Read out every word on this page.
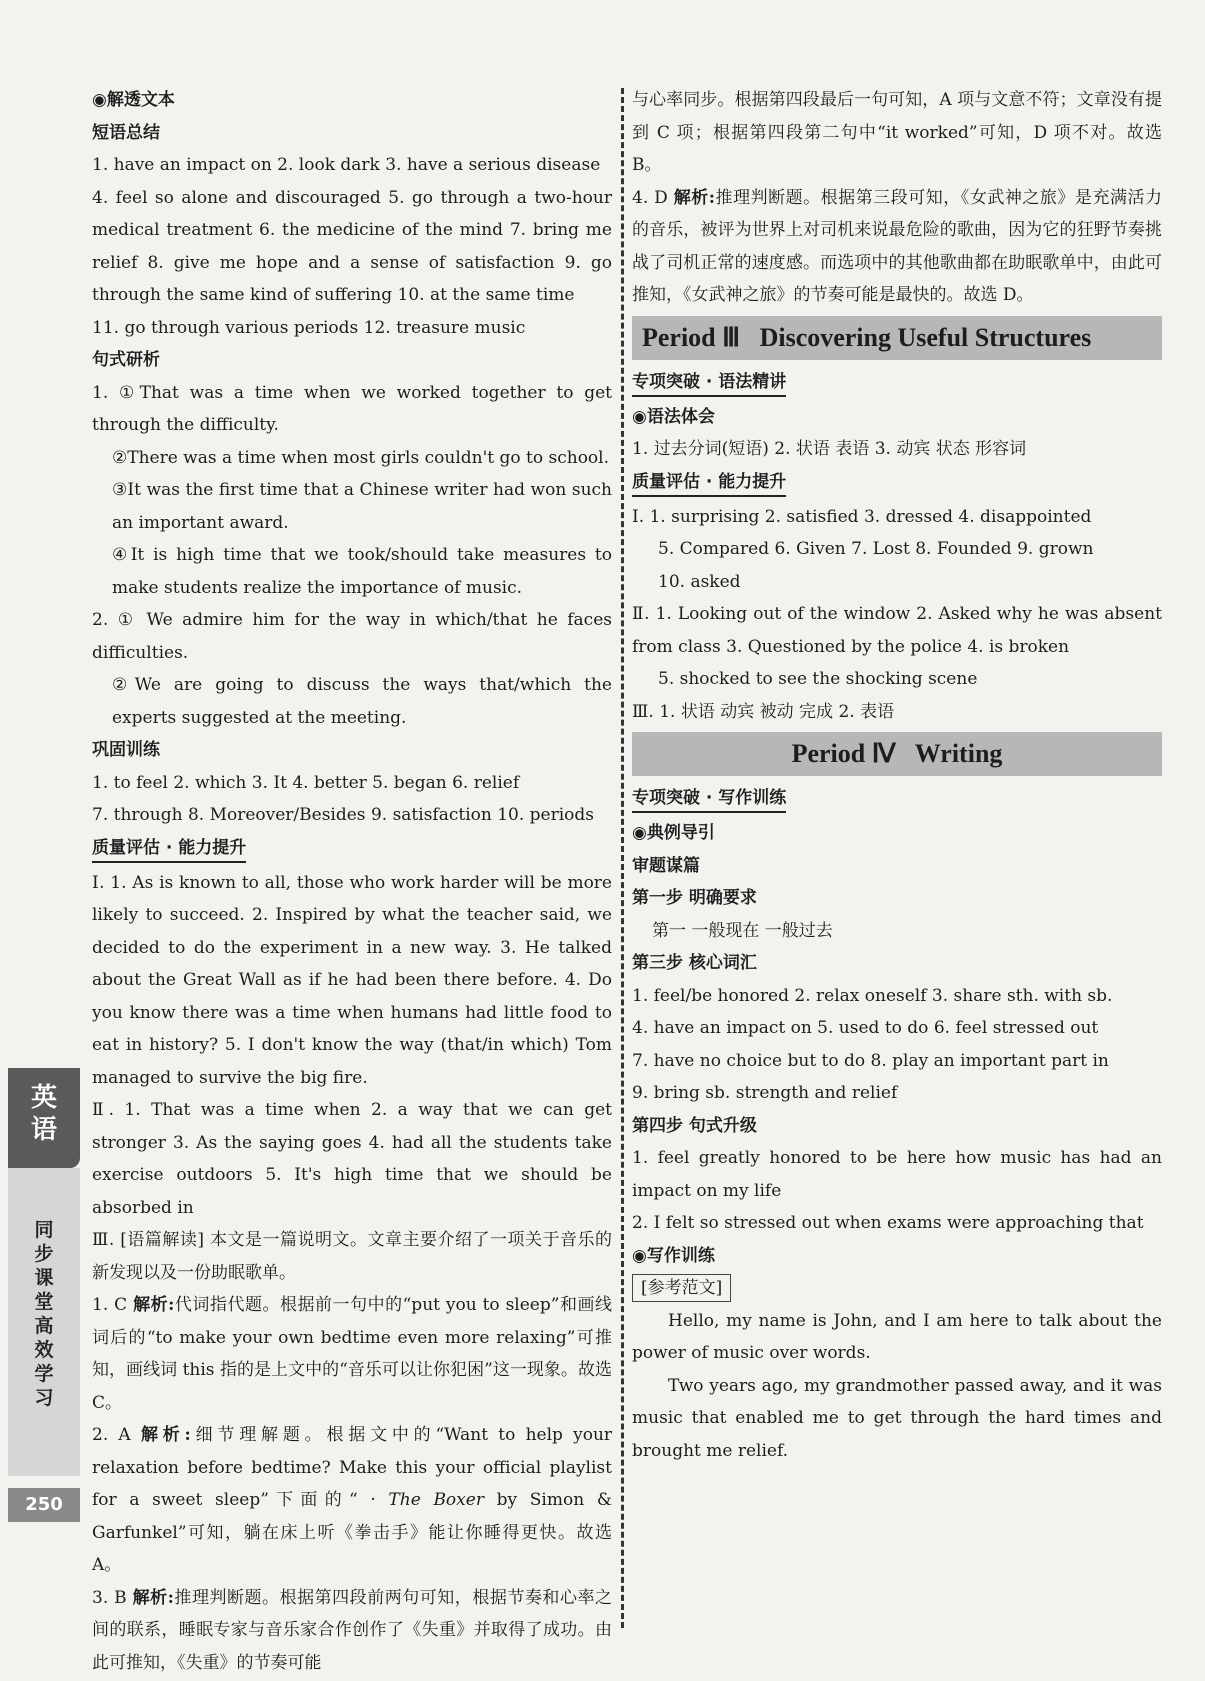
◉解透文本
短语总结
1. have an impact on 2. look dark 3. have a serious disease
4. feel so alone and discouraged 5. go through a two-hour medical treatment 6. the medicine of the mind 7. bring me relief 8. give me hope and a sense of satisfaction 9. go through the same kind of suffering 10. at the same time
11. go through various periods 12. treasure music
句式研析
1. ①That was a time when we worked together to get through the difficulty.
②There was a time when most girls couldn't go to school.
③It was the first time that a Chinese writer had won such an important award.
④It is high time that we took/should take measures to make students realize the importance of music.
2. ① We admire him for the way in which/that he faces difficulties.
②We are going to discuss the ways that/which the experts suggested at the meeting.
巩固训练
1. to feel 2. which 3. It 4. better 5. began 6. relief
7. through 8. Moreover/Besides 9. satisfaction 10. periods
质量评估 · 能力提升
Ⅰ. 1. As is known to all, those who work harder will be more likely to succeed. 2. Inspired by what the teacher said, we decided to do the experiment in a new way. 3. He talked about the Great Wall as if he had been there before. 4. Do you know there was a time when humans had little food to eat in history? 5. I don't know the way (that/in which) Tom managed to survive the big fire.
Ⅱ. 1. That was a time when 2. a way that we can get stronger 3. As the saying goes 4. had all the students take exercise outdoors 5. It's high time that we should be absorbed in
Ⅲ. [语篇解读] 本文是一篇说明文。文章主要介绍了一项关于音乐的新发现以及一份助眠歌单。
1. C 解析:代词指代题。根据前一句中的“put you to sleep”和画线词后的“to make your own bedtime even more relaxing”可推知，画线词 this 指的是上文中的“音乐可以让你犯困”这一现象。故选 C。
2. A 解析:细节理解题。根据文中的“Want to help your relaxation before bedtime? Make this your official playlist for a sweet sleep”下面的“ · The Boxer by Simon & Garfunkel”可知，躺在床上听《拳击手》能让你睡得更快。故选 A。
3. B 解析:推理判断题。根据第四段前两句可知，根据节奏和心率之间的联系，睡眠专家与音乐家合作创作了《失重》并取得了成功。由此可推知，《失重》的节奏可能
与心率同步。根据第四段最后一句可知，A 项与文意不符；文章没有提到 C 项；根据第四段第二句中“it worked”可知，D 项不对。故选 B。
4. D 解析:推理判断题。根据第三段可知，《女武神之旅》是充满活力的音乐，被评为世界上对司机来说最危险的歌曲，因为它的狂野节奏挑战了司机正常的速度感。而选项中的其他歌曲都在助眠歌单中，由此可推知，《女武神之旅》的节奏可能是最快的。故选 D。
Period Ⅲ   Discovering Useful Structures
专项突破 · 语法精讲
◉语法体会
1. 过去分词(短语) 2. 状语 表语 3. 动宾 状态 形容词
质量评估 · 能力提升
Ⅰ. 1. surprising 2. satisfied 3. dressed 4. disappointed
5. Compared 6. Given 7. Lost 8. Founded 9. grown
10. asked
Ⅱ. 1. Looking out of the window 2. Asked why he was absent from class 3. Questioned by the police 4. is broken
5. shocked to see the shocking scene
Ⅲ. 1. 状语 动宾 被动 完成 2. 表语
Period Ⅳ   Writing
专项突破 · 写作训练
◉典例导引
审题谋篇
第一步 明确要求
第一 一般现在 一般过去
第三步 核心词汇
1. feel/be honored 2. relax oneself 3. share sth. with sb.
4. have an impact on 5. used to do 6. feel stressed out
7. have no choice but to do 8. play an important part in
9. bring sb. strength and relief
第四步 句式升级
1. feel greatly honored to be here how music has had an impact on my life
2. I felt so stressed out when exams were approaching that
◉写作训练
[参考范文]
Hello, my name is John, and I am here to talk about the power of music over words.
Two years ago, my grandmother passed away, and it was music that enabled me to get through the hard times and brought me relief.
英
语
同
步
课
堂
高
效
学
习
250
